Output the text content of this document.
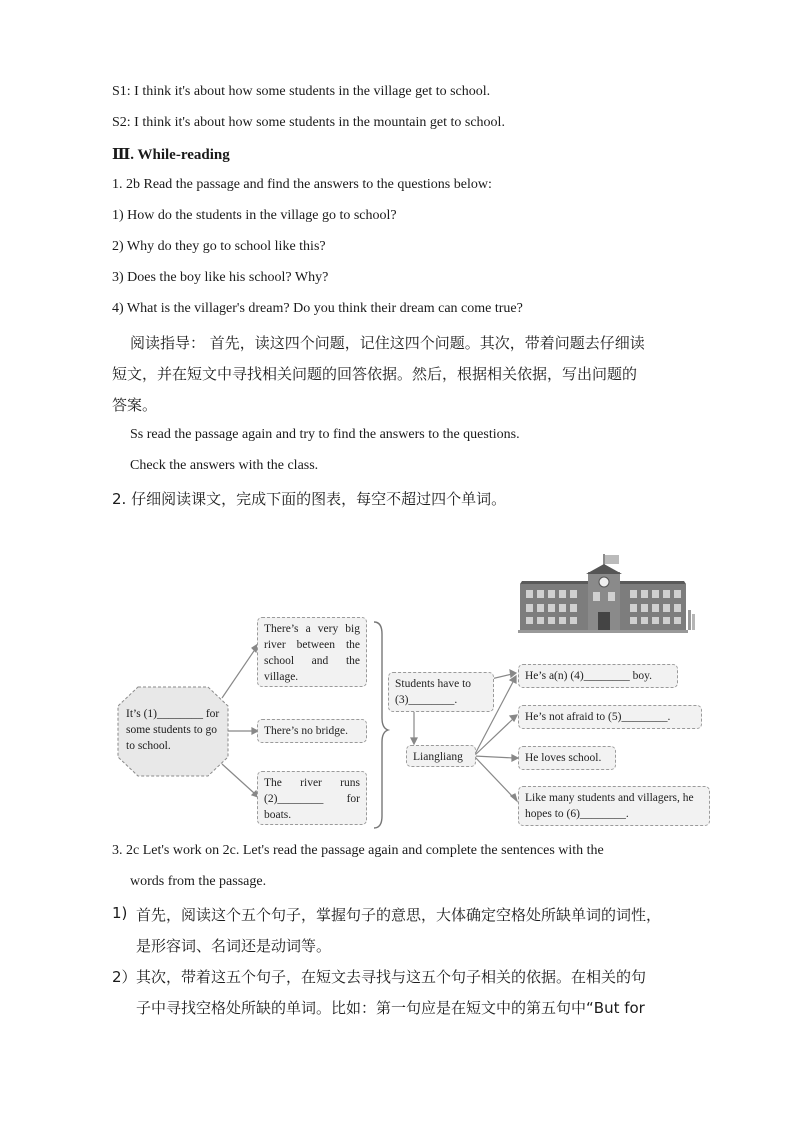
S1: I think it's about how some students in the village get to school.
S2: I think it's about how some students in the mountain get to school.
Ⅲ. While-reading
1. 2b Read the passage and find the answers to the questions below:
1) How do the students in the village go to school?
2) Why do they go to school like this?
3) Does the boy like his school? Why?
4) What is the villager's dream? Do you think their dream can come true?
阅读指导： 首先，读这四个问题，记住这四个问题。其次，带着问题去仔细读
短文，并在短文中寻找相关问题的回答依据。然后，根据相关依据，写出问题的
答案。
Ss read the passage again and try to find the answers to the questions.
Check the answers with the class.
2. 仔细阅读课文，完成下面的图表，每空不超过四个单词。
It’s (1)________ for some students to go to school.
There’s a very big river between the school and the village.
There’s no bridge.
The river runs (2)________ for boats.
Students have to (3)________.
Liangliang
He’s a(n) (4)________ boy.
He’s not afraid to (5)________.
He loves school.
Like many students and villagers, he hopes to (6)________.
3. 2c Let's work on 2c. Let's read the passage again and complete the sentences with the
words from the passage.
1) 首先，阅读这个五个句子，掌握句子的意思，大体确定空格处所缺单词的词性，
是形容词、名词还是动词等。
2） 其次，带着这五个句子，在短文去寻找与这五个句子相关的依据。在相关的句
子中寻找空格处所缺的单词。比如：第一句应是在短文中的第五句中“But for
